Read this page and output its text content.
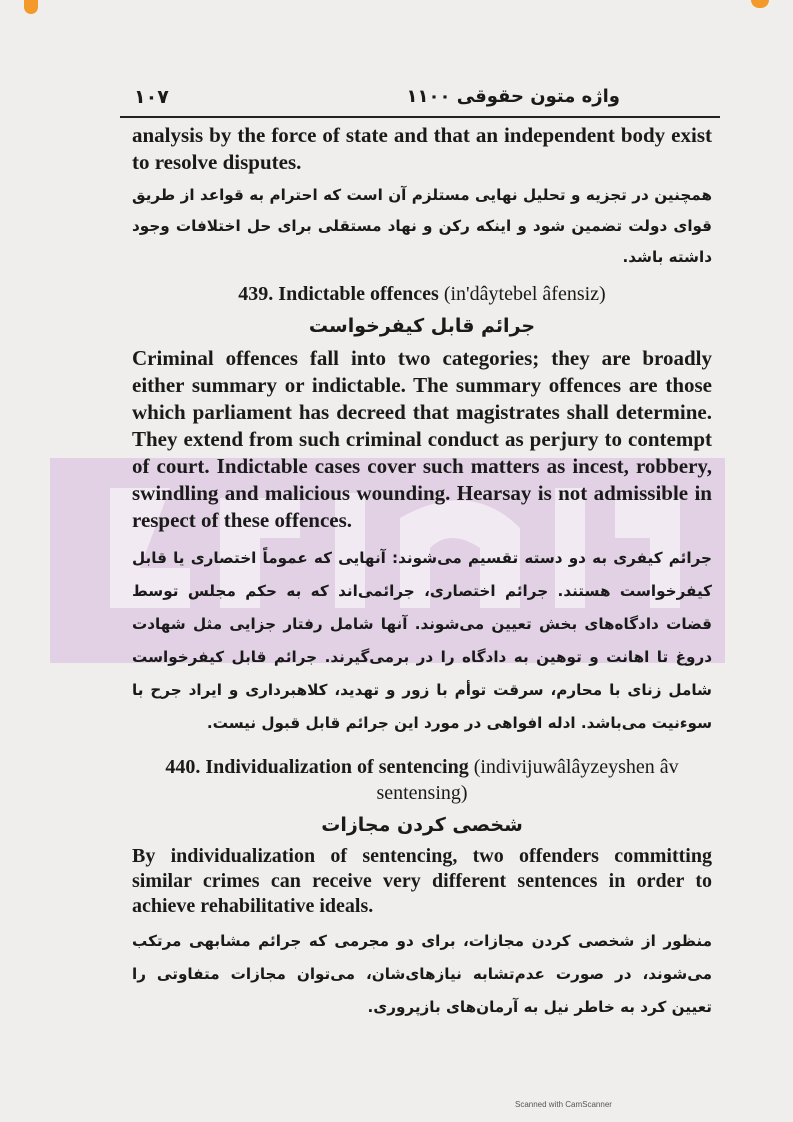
۱۰۷	۱۱۰۰ واژه متون حقوقی

analysis by the force of state and that an independent body exist to resolve disputes.

همچنین در تجزیه و تحلیل نهایی مستلزم آن است که احترام به قواعد از طریق قوای دولت تضمین شود و اینکه رکن و نهاد مستقلی برای حل اختلافات وجود داشته باشد.

439. Indictable offences (in'dâytebel âfensiz)

جرائم قابل کیفرخواست

Criminal offences fall into two categories; they are broadly either summary or indictable. The summary offences are those which parliament has decreed that magistrates shall determine. They extend from such criminal conduct as perjury to contempt of court. Indictable cases cover such matters as incest, robbery, swindling and malicious wounding. Hearsay is not admissible in respect of these offences.

جرائم کیفری به دو دسته تقسیم می‌شوند: آنهایی که عموماً اختصاری یا قابل کیفرخواست هستند. جرائم اختصاری، جرائمی‌اند که به حکم مجلس توسط قضات دادگاه‌های بخش تعیین می‌شوند. آنها شامل رفتار جزایی مثل شهادت دروغ تا اهانت و توهین به دادگاه را در برمی‌گیرند. جرائم قابل کیفرخواست شامل زنای با محارم، سرقت توأم با زور و تهدید، کلاهبرداری و ایراد جرح با سوءنیت می‌باشد. ادله افواهی در مورد این جرائم قابل قبول نیست.

440. Individualization of sentencing (indivijuwâlâyzeyshen âv sentensing)

شخصی کردن مجازات

By individualization of sentencing, two offenders committing similar crimes can receive very different sentences in order to achieve rehabilitative ideals.

منظور از شخصی کردن مجازات، برای دو مجرمی که جرائم مشابهی مرتکب می‌شوند، در صورت عدم‌تشابه نیازهای‌شان، می‌توان مجازات متفاوتی را تعیین کرد به خاطر نیل به آرمان‌های بازپروری.

Scanned with CamScanner
